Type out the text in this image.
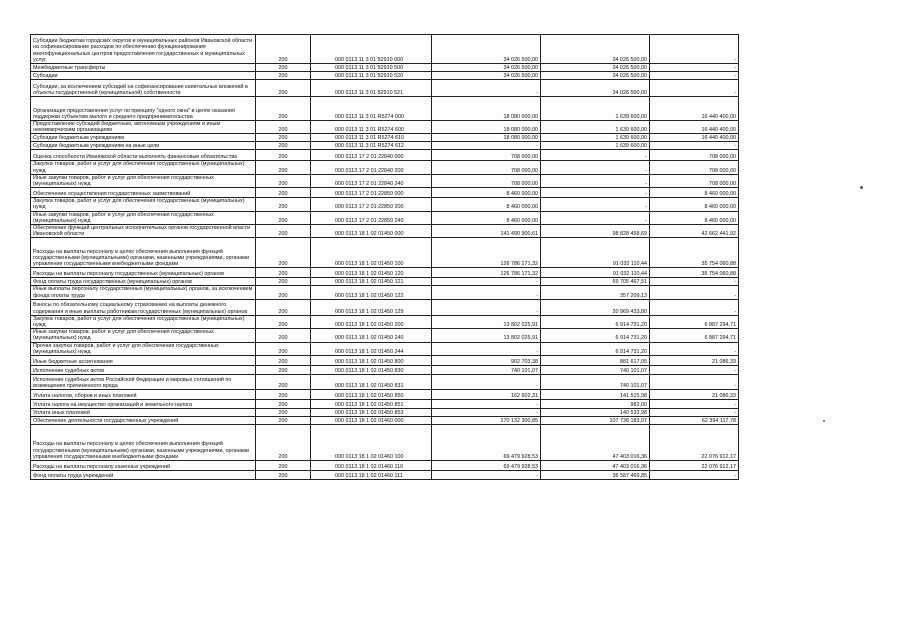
Субсидии бюджетам городских округов и муниципальных районов Ивановской области на софинансирование расходов по обеспечению функционирования многофункциональных центров предоставления государственных и муниципальных услуг	200	000 0113 11 3 01 82910 000	34 026 500,00	34 026 500,00	-
Межбюджетные трансферты	200	000 0113 11 3 01 82910 500	34 026 500,00	34 026 500,00	-
Субсидии	200	000 0113 11 3 01 82910 520	34 026 500,00	34 026 500,00	-
Субсидии, за исключением субсидий на софинансирование капитальных вложений в объекты государственной (муниципальной) собственности	200	000 0113 11 3 01 82910 521	-	34 026 500,00	-
Организация предоставления услуг по принципу "одного окна" в целях оказания поддержки субъектам малого и среднего предпринимательства	200	000 0113 11 3 01 R5274 000	18 080 000,00	1 639 600,00	16 440 400,00
Предоставление субсидий бюджетным, автономным учреждениям и иным некоммерческим организациям	200	000 0113 11 3 01 R5274 600	18 080 000,00	1 639 600,00	16 440 400,00
Субсидии бюджетным учреждениям	200	000 0113 11 3 01 R5274 610	18 080 000,00	1 639 600,00	16 440 400,00
Субсидии бюджетным учреждениям на иные цели	200	000 0113 11 3 01 R5274 612	-	1 639 600,00	-
Оценка способности Ивановской области выполнять финансовые обязательства	200	000 0113 17 2 01 22840 000	708 000,00	-	708 000,00
Закупка товаров, работ и услуг для обеспечения государственных (муниципальных) нужд	200	000 0113 17 2 01 22840 200	708 000,00	-	708 000,00
Иные закупки товаров, работ и услуг для обеспечения государственных (муниципальных) нужд	200	000 0113 17 2 01 22840 240	708 000,00	-	708 000,00
Обеспечение осуществления государственных заимствований	200	000 0113 17 2 01 22850 000	8 460 000,00	-	8 460 000,00
Закупка товаров, работ и услуг для обеспечения государственных (муниципальных) нужд	200	000 0113 17 2 01 22850 200	8 460 000,00	-	8 460 000,00
Иные закупки товаров, работ и услуг для обеспечения государственных (муниципальных) нужд	200	000 0113 17 2 01 22850 240	8 460 000,00	-	8 460 000,00
Обеспечение функций центральных исполнительных органов государственной власти Ивановской области	200	000 0113 18 1 02 01450 000	141 490 900,61	98 828 458,69	42 662 441,92
Расходы на выплаты персоналу в целях обеспечения выполнения функций государственными (муниципальными) органами, казенными учреждениями, органами управления государственными внебюджетными фондами	200	000 0113 18 1 02 01450 100	126 786 171,32	91 032 110,44	35 754 060,88
Расходы на выплаты персоналу государственных (муниципальных) органов	200	000 0113 18 1 02 01450 120	126 786 171,32	91 032 110,44	35 754 060,88
Фонд оплаты труда государственных (муниципальных) органов	200	000 0113 18 1 02 01450 121	-	69 705 467,51	-
Иные выплаты персоналу государственных (муниципальных) органов, за исключением фонда оплаты труда	200	000 0113 18 1 02 01450 122	-	357 209,13	-
Взносы по обязательному социальному страхованию на выплаты денежного содержания и иные выплаты работникам государственных (муниципальных) органов	200	000 0113 18 1 02 01450 129	-	20 969 433,80	-
Закупка товаров, работ и услуг для обеспечения государственных (муниципальных) нужд	200	000 0113 18 1 02 01450 200	13 802 025,91	6 914 731,20	6 887 294,71
Иные закупки товаров, работ и услуг для обеспечения государственных (муниципальных) нужд	200	000 0113 18 1 02 01450 240	13 802 025,91	6 914 731,20	6 887 294,71
Прочая закупка товаров, работ и услуг для обеспечения государственных (муниципальных) нужд	200	000 0113 18 1 02 01450 244	-	6 914 731,20	-
Иные бюджетные ассигнования	200	000 0113 18 1 02 01450 800	902 703,38	881 617,05	21 086,33
Исполнение судебных актов	200	000 0113 18 1 02 01450 830	740 101,07	740 101,07	-
Исполнение судебных актов Российской Федерации и мировых соглашений по возмещению причиненного вреда	200	000 0113 18 1 02 01450 831	-	740 101,07	-
Уплата налогов, сборов и иных платежей	200	000 0113 18 1 02 01450 850	162 602,31	141 515,98	21 086,33
Уплата налога на имущество организаций и земельного налога	200	000 0113 18 1 02 01450 851	-	982,00	-
Уплата иных платежей	200	000 0113 18 1 02 01450 853	-	140 533,98	-
Обеспечение деятельности государственных учреждений	200	000 0113 18 1 02 01460 000	170 132 300,85	107 738 183,07	62 394 117,78
Расходы на выплаты персоналу в целях обеспечения выполнения функций государственными (муниципальными) органами, казенными учреждениями, органами управления государственными внебюджетными фондами	200	000 0113 18 1 02 01460 100	69 479 928,53	47 403 016,36	22 076 912,17
Расходы на выплаты персоналу казенных учреждений	200	000 0113 18 1 02 01460 110	69 479 928,53	47 403 016,36	22 076 912,17
Фонд оплаты труда учреждений	200	000 0113 18 1 02 01460 111	-	36 587 469,85	-
